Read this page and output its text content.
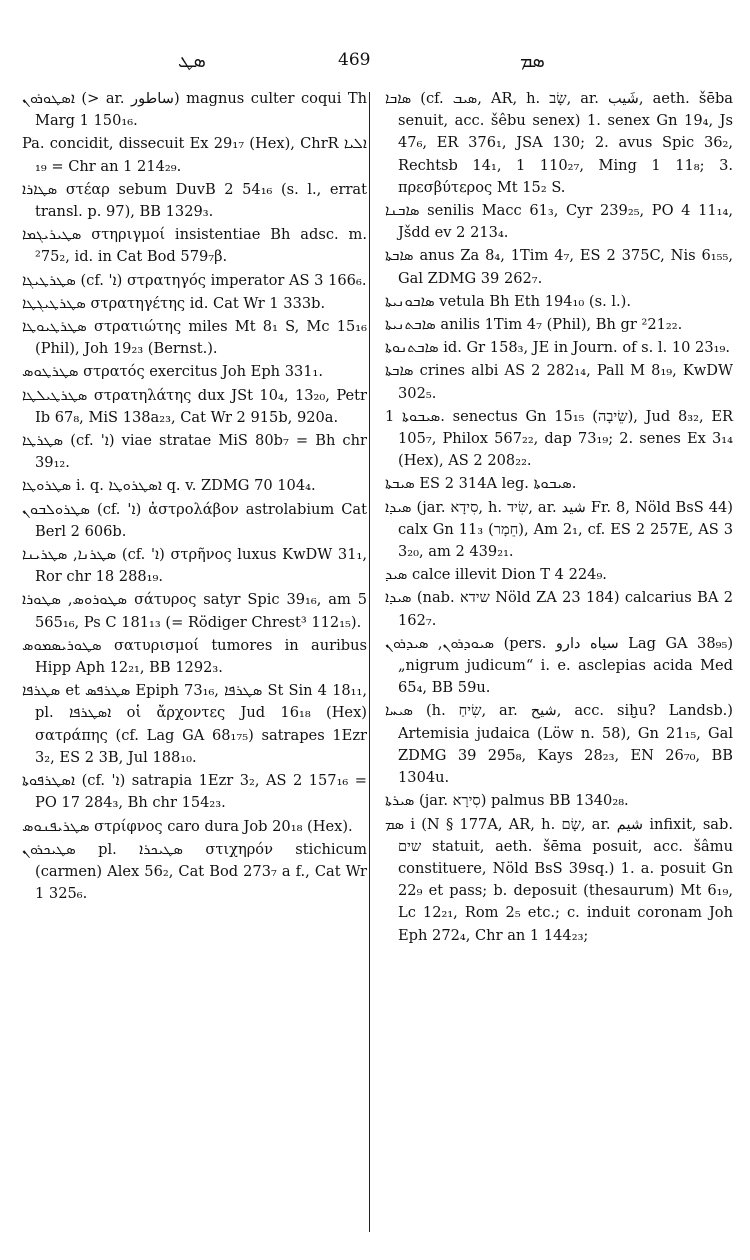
ܣܛ	469	ܣܡ

ܐܣܛܘܪܘܢ (> ar. ساطور) magnus culter coqui Th Marg 1 150₁₆.

Pa. concidit, dissecuit Ex 29₁₇ (Hex), ChrR ܐܠܝܐ ₁₉ = Chr an 1 214₂₉.

ܣܛܐܪܐ στέαρ sebum DuvB 2 54₁₆ (s. l., errat transl. p. 97), BB 1329₃.

ܣܛܝܪܝܓܡܐ στηριγμοί insistentiae Bh adsc. m. ²75₂, id. in Cat Bod 579₇β.

ܣܛܪܛܝܓܐ (cf. 'ܐ) στρατηγός imperator AS 3 166₆.

ܣܛܪܛܝܓܛܐ στρατηγέτης id. Cat Wr 1 333b.

ܣܛܪܛܝܘܛܐ στρατιώτης miles Mt 8₁ S, Mc 15₁₆ (Phil), Joh 19₂₃ (Bernst.).

ܣܛܪܛܘܣ στρατός exercitus Joh Eph 331₁.

ܣܛܪܛܝܠܛܐ στρατηλάτης dux JSt 10₄, 13₂₀, Petr Ib 67₈, MiS 138a₂₃, Cat Wr 2 915b, 920a.

ܣܛܪܛܐ (cf. 'ܐ) viae stratae MiS 80b₇ = Bh chr 39₁₂.

ܣܛܪܘܛܐ i. q. ܐܣܛܪܘܛܐ q. v. ZDMG 70 104₄.

ܣܛܪܘܠܒܘܢ (cf. 'ܐ) ἀστρολάβον astrolabium Cat Berl 2 606b.

ܣܛܪܢܐ, ܣܛܪܝܢܐ (cf. 'ܐ) στρῆνος luxus KwDW 31₁, Ror chr 18 288₁₉.

ܣܛܘܪܘܣ, ܣܛܘܪܐ σάτυρος satyr Spic 39₁₆, am 5 565₁₆, Ps C 181₁₃ (= Rödiger Chrest³ 112₁₅).

ܣܛܘܪܝܣܡܘܣ σατυρισμοί tumores in auribus Hipp Aph 12₂₁, BB 1292₃.

ܣܛܪܦܐ et ܣܛܪܦܣ Epiph 73₁₆, ܣܛܪܦܐ St Sin 4 18₁₁, pl. ܐܣܛܪܦܐ οἱ ἄρχοντες Jud 16₁₈ (Hex) σατράπης (cf. Lag GA 68₁₇₅) satrapes 1Ezr 3₂, ES 2 3B, Jul 188₁₀.

ܐܣܛܪܦܘܬܐ (cf. 'ܐ) satrapia 1Ezr 3₂, AS 2 157₁₆ = PO 17 284₃, Bh chr 154₂₃.

ܣܛܪܝܦܢܘܣ στρίφνος caro dura Job 20₁₈ (Hex).

ܣܛܝܟܪܘܢ pl. ܣܛܝܟܪܐ στιχηρόν stichicum (carmen) Alex 56₂, Cat Bod 273₇ a f., Cat Wr 1 325₆.

ܣܐܒܐ (cf. ܣܝܒ, AR, h. שָׂב, ar. شَيب, aeth. šēba senuit, acc. šêbu senex) 1. senex Gn 19₄, Js 47₆, ER 376₁, JSA 130; 2. avus Spic 36₂, Rechtsb 14₁, 1 110₂₇, Ming 1 11₈; 3. πρεσβύτερος Mt 15₂ S.

ܣܐܒܢܐ senilis Macc 61₃, Cyr 239₂₅, PO 4 11₁₄, Jšdd ev 2 213₄.

ܣܐܒܬܐ anus Za 8₄, 1Tim 4₇, ES 2 375C, Nis 6₁₅₅, Gal ZDMG 39 262₇.

ܣܐܒܘܢܝܬܐ vetula Bh Eth 194₁₀ (s. l.).

ܣܐܒܬܢܝܬܐ anilis 1Tim 4₇ (Phil), Bh gr ²21₂₂.

ܣܐܒܬܢܘܬܐ id. Gr 158₃, JE in Journ. of s. l. 10 23₁₉.

ܣܐܒܬܐ crines albi AS 2 282₁₄, Pall M 8₁₉, KwDW 302₅.

ܣܝܒܘܬܐ 1. senectus Gn 15₁₅ (שֵׂיבָה), Jud 8₃₂, ER 105₇, Philox 567₂₂, dap 73₁₉; 2. senes Ex 3₁₄ (Hex), AS 2 208₂₂.

ܣܝܒܬܐ ES 2 314A leg. ܣܝܒܘܬܐ.

ܣܝܕܐ (jar. סִידָא, h. שִׂיד, ar. شيد Fr. 8, Nöld BsS 44) calx Gn 11₃ (חֵמָר), Am 2₁, cf. ES 2 257E, AS 3 3₂₀, am 2 439₂₁.

ܣܝܕ calce illevit Dion T 4 224₉.

ܣܝܕܐ (nab. שידא Nöld ZA 23 184) calcarius BA 2 162₇.

ܣܝܘܕܪܘܢ, ܣܝܕܪܘܢ (pers. سیاه دارو Lag GA 38₉₅) „nigrum judicum“ i. e. asclepias acida Med 65₄, BB 59u.

ܣܝܚܐ (h. שִׂיחַ, ar. شيح, acc. siḫu? Landsb.) Artemisia judaica (Löw n. 58), Gn 21₁₅, Gal ZDMG 39 295₈, Kays 28₂₃, EN 26₇₀, BB 1304u.

ܣܝܪܬܐ (jar. סִירָא) palmus BB 1340₂₈.

ܣܡ i (N § 177A, AR, h. שָׂם, ar. شيم infixit, sab. שים statuit, aeth. šēma posuit, acc. šâmu constituere, Nöld BsS 39sq.) 1. a. posuit Gn 22₉ et pass; b. deposuit (thesaurum) Mt 6₁₉, Lc 12₂₁, Rom 2₅ etc.; c. induit coronam Joh Eph 272₄, Chr an 1 144₂₃;
